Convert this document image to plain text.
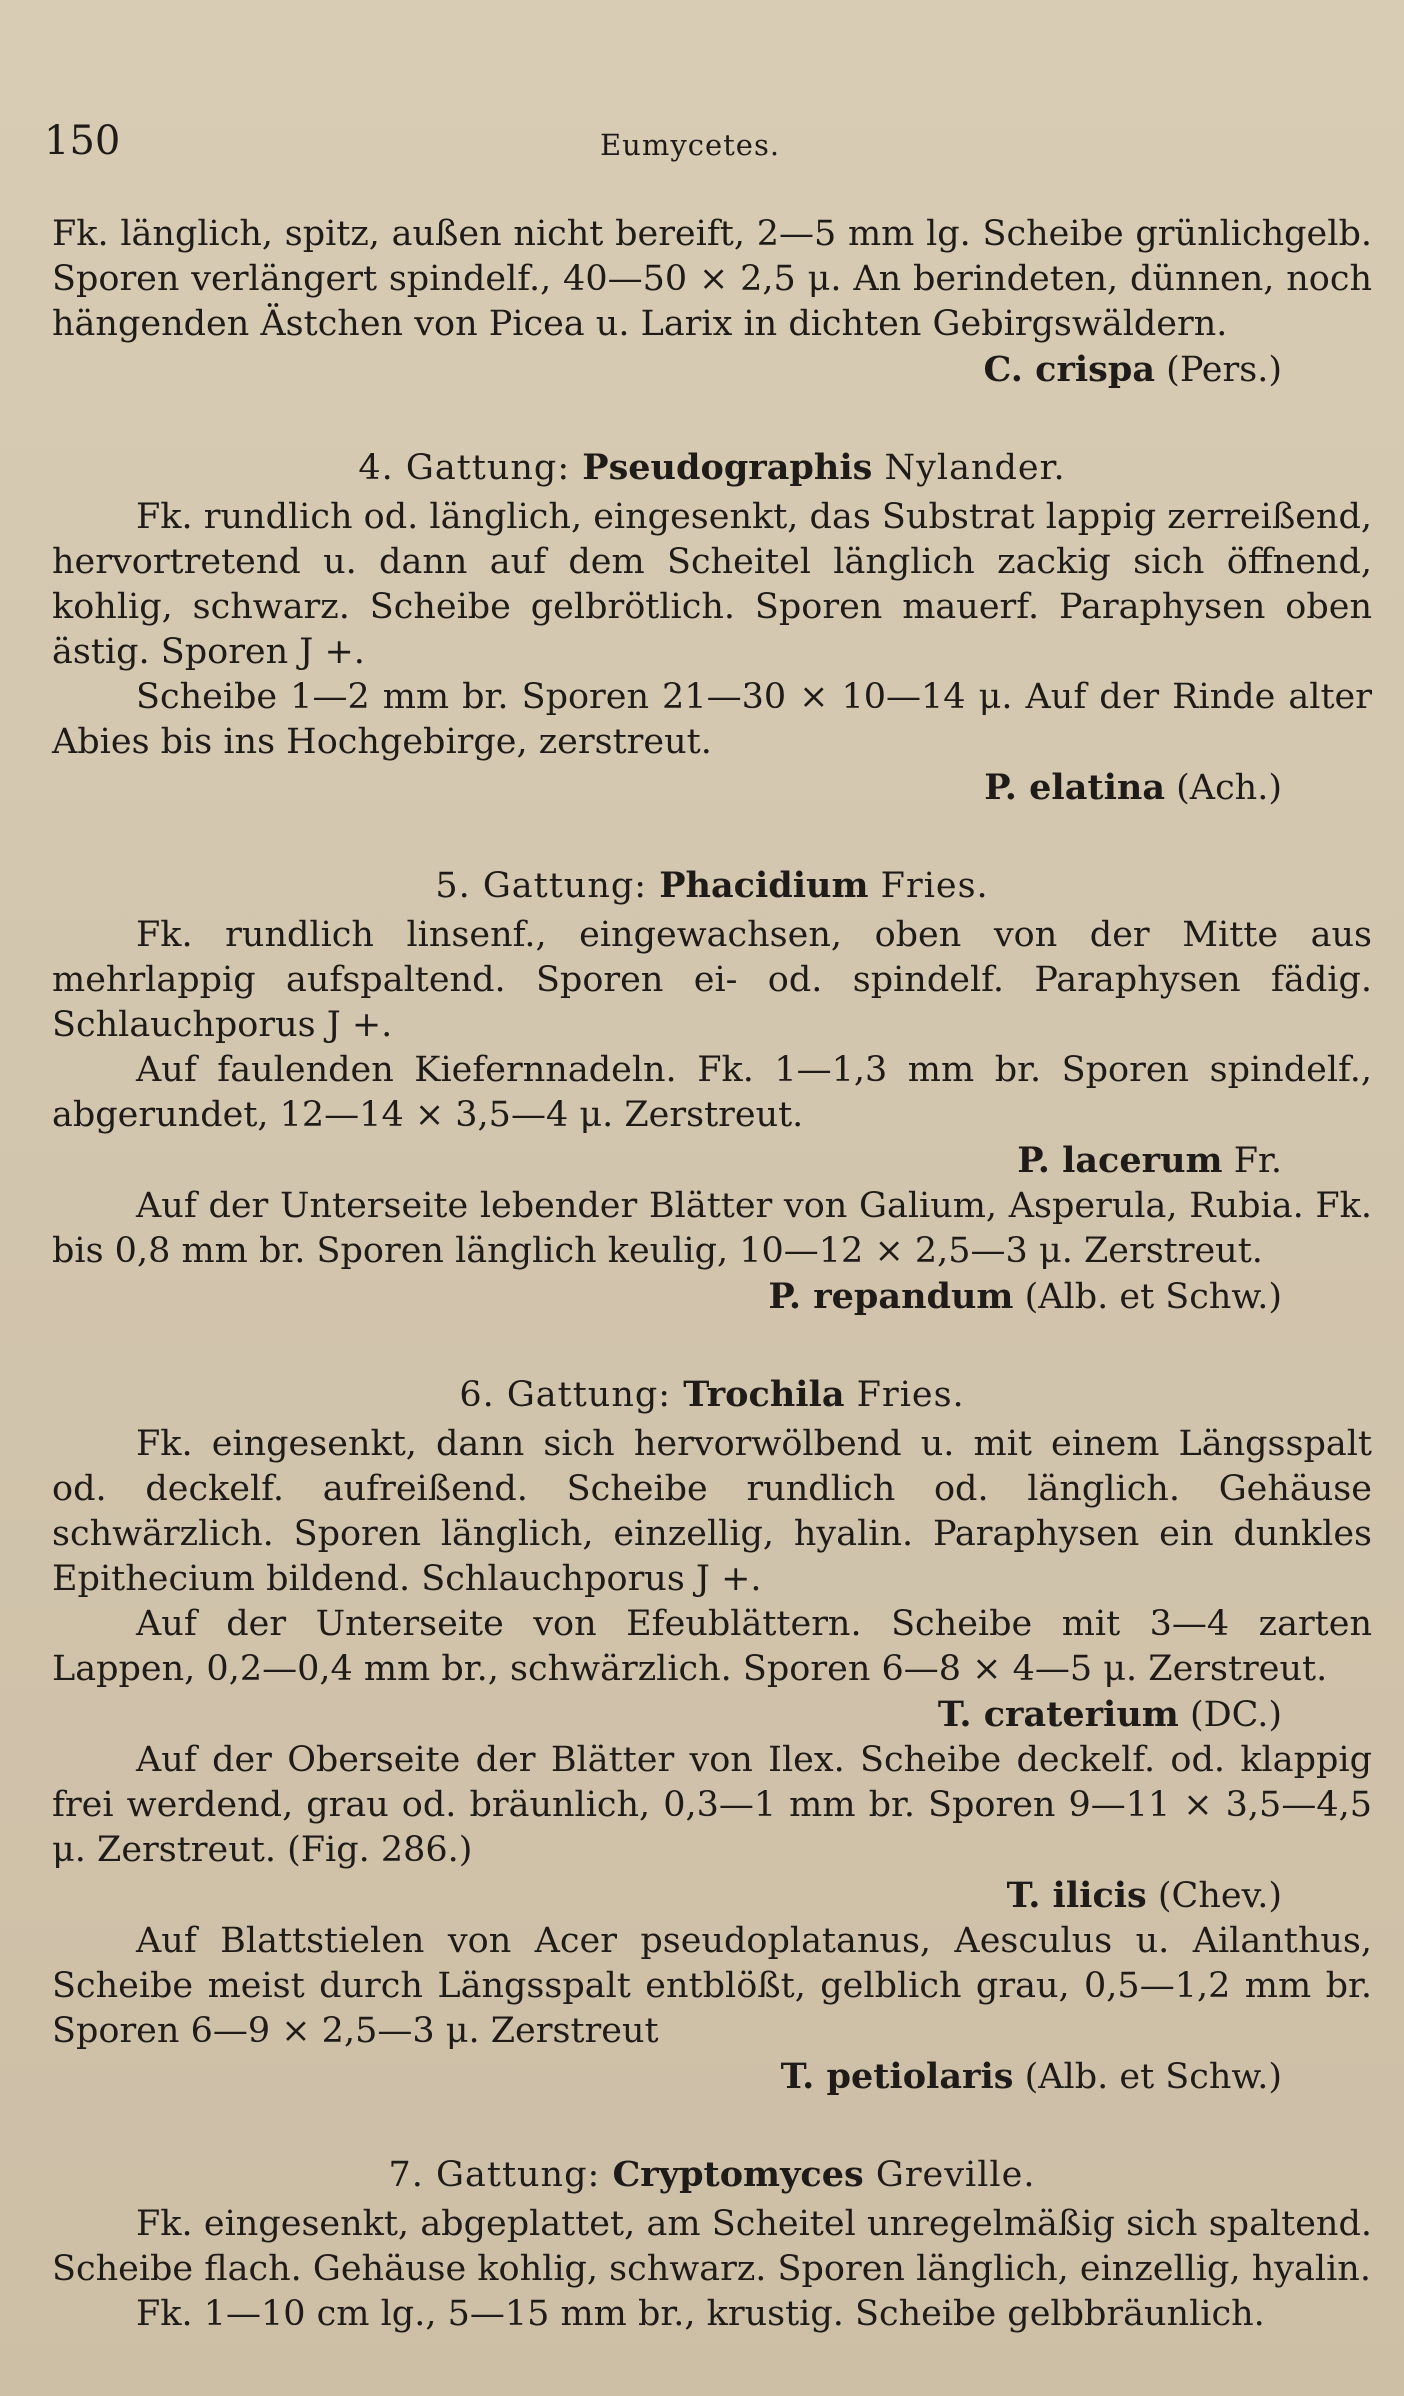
150	Eumycetes.

Fk. länglich, spitz, außen nicht bereift, 2—5 mm lg. Scheibe grünlichgelb. Sporen verlängert spindelf., 40—50 × 2,5 μ. An berindeten, dünnen, noch hängenden Ästchen von Picea u. Larix in dichten Gebirgswäldern.
C. crispa (Pers.)

4. Gattung: Pseudographis Nylander.

Fk. rundlich od. länglich, eingesenkt, das Substrat lappig zerreißend, hervortretend u. dann auf dem Scheitel länglich zackig sich öffnend, kohlig, schwarz. Scheibe gelbrötlich. Sporen mauerf. Paraphysen oben ästig. Sporen J +.

Scheibe 1—2 mm br. Sporen 21—30 × 10—14 μ. Auf der Rinde alter Abies bis ins Hochgebirge, zerstreut.
P. elatina (Ach.)

5. Gattung: Phacidium Fries.

Fk. rundlich linsenf., eingewachsen, oben von der Mitte aus mehrlappig aufspaltend. Sporen ei- od. spindelf. Paraphysen fädig. Schlauchporus J +.

Auf faulenden Kiefernnadeln. Fk. 1—1,3 mm br. Sporen spindelf., abgerundet, 12—14 × 3,5—4 μ. Zerstreut.
P. lacerum Fr.

Auf der Unterseite lebender Blätter von Galium, Asperula, Rubia. Fk. bis 0,8 mm br. Sporen länglich keulig, 10—12 × 2,5—3 μ. Zerstreut.
P. repandum (Alb. et Schw.)

6. Gattung: Trochila Fries.

Fk. eingesenkt, dann sich hervorwölbend u. mit einem Längsspalt od. deckelf. aufreißend. Scheibe rundlich od. länglich. Gehäuse schwärzlich. Sporen länglich, einzellig, hyalin. Paraphysen ein dunkles Epithecium bildend. Schlauchporus J +.

Auf der Unterseite von Efeublättern. Scheibe mit 3—4 zarten Lappen, 0,2—0,4 mm br., schwärzlich. Sporen 6—8 × 4—5 μ. Zerstreut.
T. craterium (DC.)

Auf der Oberseite der Blätter von Ilex. Scheibe deckelf. od. klappig frei werdend, grau od. bräunlich, 0,3—1 mm br. Sporen 9—11 × 3,5—4,5 μ. Zerstreut. (Fig. 286.)
T. ilicis (Chev.)

Auf Blattstielen von Acer pseudoplatanus, Aesculus u. Ailanthus, Scheibe meist durch Längsspalt entblößt, gelblich grau, 0,5—1,2 mm br. Sporen 6—9 × 2,5—3 μ. Zerstreut
T. petiolaris (Alb. et Schw.)

7. Gattung: Cryptomyces Greville.

Fk. eingesenkt, abgeplattet, am Scheitel unregelmäßig sich spaltend. Scheibe flach. Gehäuse kohlig, schwarz. Sporen länglich, einzellig, hyalin.

Fk. 1—10 cm lg., 5—15 mm br., krustig. Scheibe gelbbräunlich.
